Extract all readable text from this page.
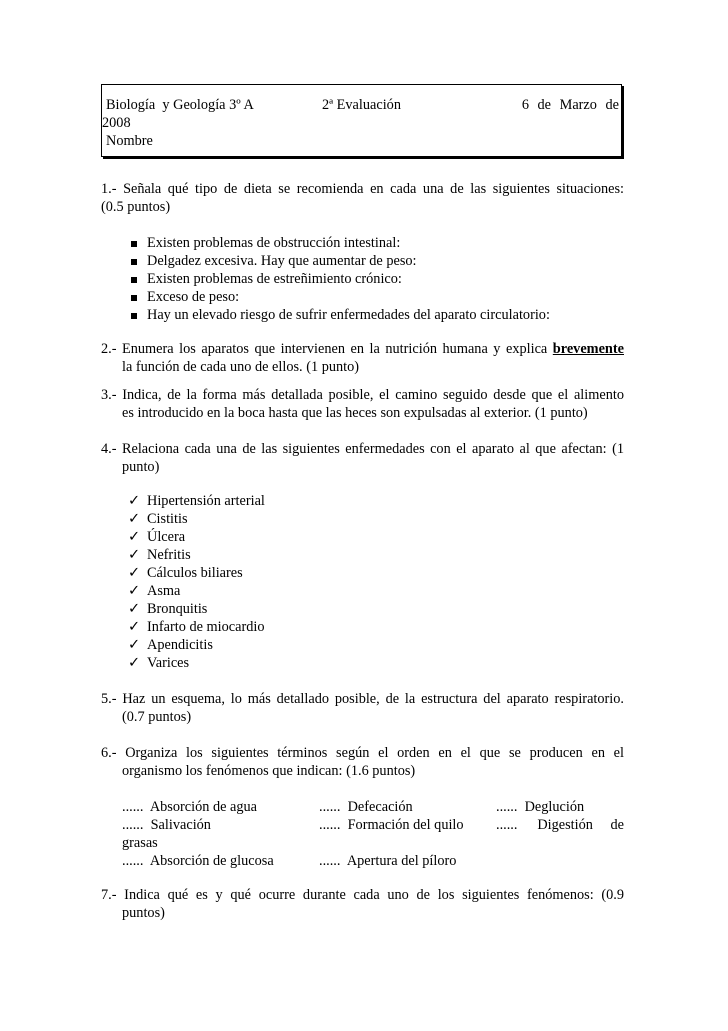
Biología  y Geología 3º A	2ª Evaluación	6 de Marzo de
2008
Nombre
1.- Señala qué tipo de dieta se recomienda en cada una de las siguientes situaciones:
(0.5 puntos)
Existen problemas de obstrucción intestinal:
Delgadez excesiva. Hay que aumentar de peso:
Existen problemas de estreñimiento crónico:
Exceso de peso:
Hay un elevado riesgo de sufrir enfermedades del aparato circulatorio:
2.- Enumera los aparatos que intervienen en la nutrición humana y explica brevemente
la función de cada uno de ellos. (1 punto)
3.- Indica, de la forma más detallada posible, el camino seguido desde que el alimento
es introducido en la boca hasta que las heces son expulsadas al exterior. (1 punto)
4.- Relaciona cada una de las siguientes enfermedades con el aparato al que afectan: (1
punto)
✓ Hipertensión arterial
✓ Cistitis
✓ Úlcera
✓ Nefritis
✓ Cálculos biliares
✓ Asma
✓ Bronquitis
✓ Infarto de miocardio
✓ Apendicitis
✓ Varices
5.- Haz un esquema, lo más detallado posible, de la estructura del aparato respiratorio.
(0.7 puntos)
6.- Organiza los siguientes términos según el orden en el que se producen en el
organismo los fenómenos que indican: (1.6 puntos)
...... Absorción de agua	...... Defecación	...... Deglución
...... Salivación	...... Formación del quilo ...... Digestión de
grasas
...... Absorción de glucosa	...... Apertura del píloro
7.- Indica qué es y qué ocurre durante cada uno de los siguientes fenómenos: (0.9
puntos)
